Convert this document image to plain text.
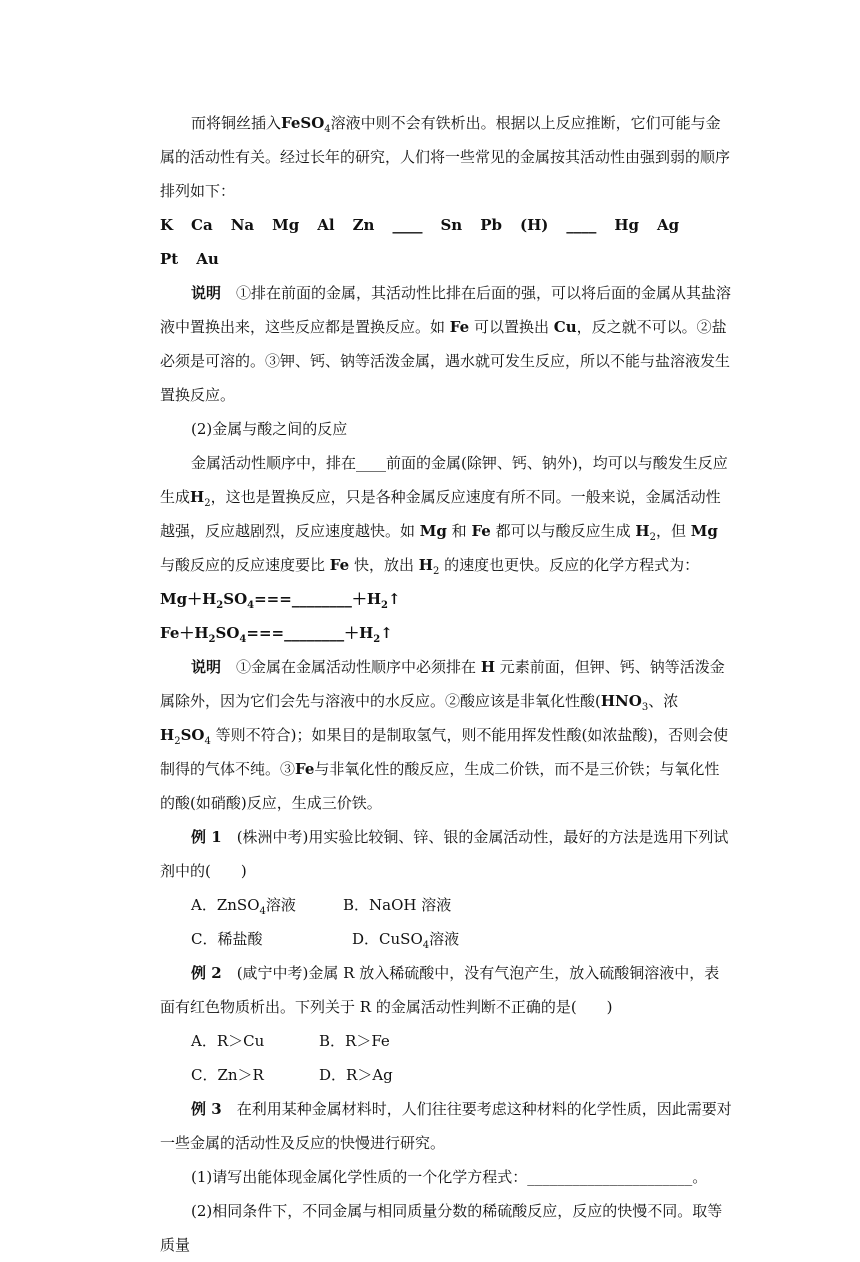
而将铜丝插入FeSO$_4$溶液中则不会有铁析出。根据以上反应推断，它们可能与金属的活动性有关。经过长年的研究，人们将一些常见的金属按其活动性由强到弱的顺序排列如下：

K Ca Na Mg Al Zn ____ Sn Pb (H) ____ Hg AgPt Au

说明　 ①排在前面的金属，其活动性比排在后面的强，可以将后面的金属从其盐溶液中置换出来，这些反应都是置换反应。如 Fe 可以置换出 Cu，反之就不可以。②盐必须是可溶的。③钾、钙、钠等活泼金属，遇水就可发生反应，所以不能与盐溶液发生置换反应。

(2)金属与酸之间的反应

金属活动性顺序中，排在____前面的金属(除钾、钙、钠外)，均可以与酸发生反应生成$H_2$，这也是置换反应，只是各种金属反应速度有所不同。一般来说，金属活动性越强，反应越剧烈，反应速度越快。如 Mg 和 Fe 都可以与酸反应生成 $H_2$，但 Mg 与酸反应的反应速度要比 Fe 快，放出 $H_2$ 的速度也更快。反应的化学方程式为：

$Mg+H_2SO_4===\_\_\_\_\_\_\_\_+H_2↑$

$Fe+H_2SO_4===\_\_\_\_\_\_\_\_+H_2↑$

说明　 ①金属在金属活动性顺序中必须排在 H 元素前面，但钾、钙、钠等活泼金属除外，因为它们会先与溶液中的水反应。②酸应该是非氧化性酸($HNO_3$、浓 $H_2SO_4$ 等则不符合)；如果目的是制取氢气，则不能用挥发性酸(如浓盐酸)，否则会使制得的气体不纯。③Fe与非氧化性的酸反应，生成二价铁，而不是三价铁；与氧化性的酸(如硝酸)反应，生成三价铁。

例 1　 (株洲中考)用实验比较铜、锌、银的金属活动性，最好的方法是选用下列试剂中的(　　)

A．ZnSO$_4$溶液	B．NaOH 溶液
C．稀盐酸	D．CuSO$_4$溶液

例 2　 (咸宁中考)金属 R 放入稀硫酸中，没有气泡产生，放入硫酸铜溶液中，表面有红色物质析出。下列关于 R 的金属活动性判断不正确的是(　　)

A．R＞Cu	B．R＞Fe
C．Zn＞R	D．R＞Ag

例 3　 在利用某种金属材料时，人们往往要考虑这种材料的化学性质，因此需要对一些金属的活动性及反应的快慢进行研究。

(1)请写出能体现金属化学性质的一个化学方程式：______________________。

(2)相同条件下，不同金属与相同质量分数的稀硫酸反应，反应的快慢不同。取等质量
